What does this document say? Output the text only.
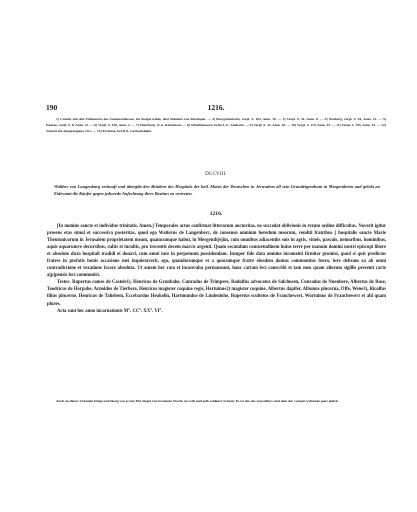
190	1216.

1) Castell, mit den Trümmern des Stammschlosses, im Steigerwalde, drei Stunden von Kitzingen. — 2) Burggrumbach, vergl. S. 183, Anm. 10. — 3) Vergl. S. 31, Anm. 8. — 4) Neuberg, vergl. S. 94, Anm. 13. — 5) Endsee, vergl. S. 8, Anm. 12. — 6) Vergl. S. 150, Anm. 2. — 7) Thierberg, O.A. Künzelsau. — 8) Schaftheusern, beim L.G. Ansbach. — 9) Vergl. S. 31, Anm. 10. — 10) Vergl. S. 115, Anm. 15. — 11) Vergl. S. 155, Anm. 14. — 12) Schotzi ein abgegangener Ort. — 13) Ersinsee, bei B.A. Gerlachsheim.

DCCVIII.

Walther von Langenburg verkauft und übergibt den Brüdern des Hospitals der heil. Maria der Deutschen in Jerusalem all sein Grundeigenthum in Mergentheim und gelobt an Eidesstatt die Käufer gegen jedweede Anfechtung ihres Besitzes zu vertreten.

1216.

[In nomine sancte et individue trinitatis. Amen.] Temporales actus confirmat litterarum auctoritas, ne succedat oblivionis in rerum ordine difficultas. Noverit igitur presens etas simul et successiva posteritas, quod ego Walterus de Langenberc, de consensu omnium heredum meorum, venditi fratribus [ hospitalis sancte Marie Theutonicorum in Jerusalem proprietatem meam, quamcumque habui, in Mergenth[e]im, cum omnibus adiacentiis suis in agris, vineis, pascuis, nemoribus, hominibus, aquis aquarumve decursibus, cultis et incultis, pro trecentis decem marcis argenti. Quam secundum consuetudinem huius terre per manum domini nostri episcopi libere et absolute dicto hospitali tradidi et donavi, cum omni iure in perpetuum possidendam. Insuper fide data omnine iuramenti firmiter promisi, quod si quis predictos fratres in prefatis bonis occasione mei inquietaverit, ego, quandocumque et a quocumque fratre eiusdem domus commonitus fuero, iure debeam ea ab omni contradictione et vexatione facere absoluta. Ut autem hec rata et inconvulsa permaneant, hanc cartam feci conscribi et tam meo quam aliorum sigillis presenti carte a[p]pensis feci communiri.

Testes: Rupertus comes de Castele1), Henricus de Grunbahe, Cunradus de Trimpere, Rodolfus advocatus de Salchusen, Cunradus de Nuenbere, Albertus de Rose, Teodricus de Horpahe, Arnoldus de Tierbere, Henricus magister coquine regis, Hertuinus2) magister coquine, Albertus dapifer, Albunus pincerna, Offe, Wene3), Ricolfus filius pincerne, Henricus de Tahebem, Eccebardus Heukelin, Hartmundus de Lindenlohe, Rupertus scultetus de Franchewert, Wortuinus de Franchewert et alii quam plures.

Acta sunt hec anno incarnationis M°. CC°. XX°. VI°.

Auch an dieser Urkunde hängt und hieng von je nur Ein Siegel von braunem Wachs an roth und gelb seidener Schnur. Es ist das des Ausstellers und dem der vorigen Urkunde ganz gleich.
